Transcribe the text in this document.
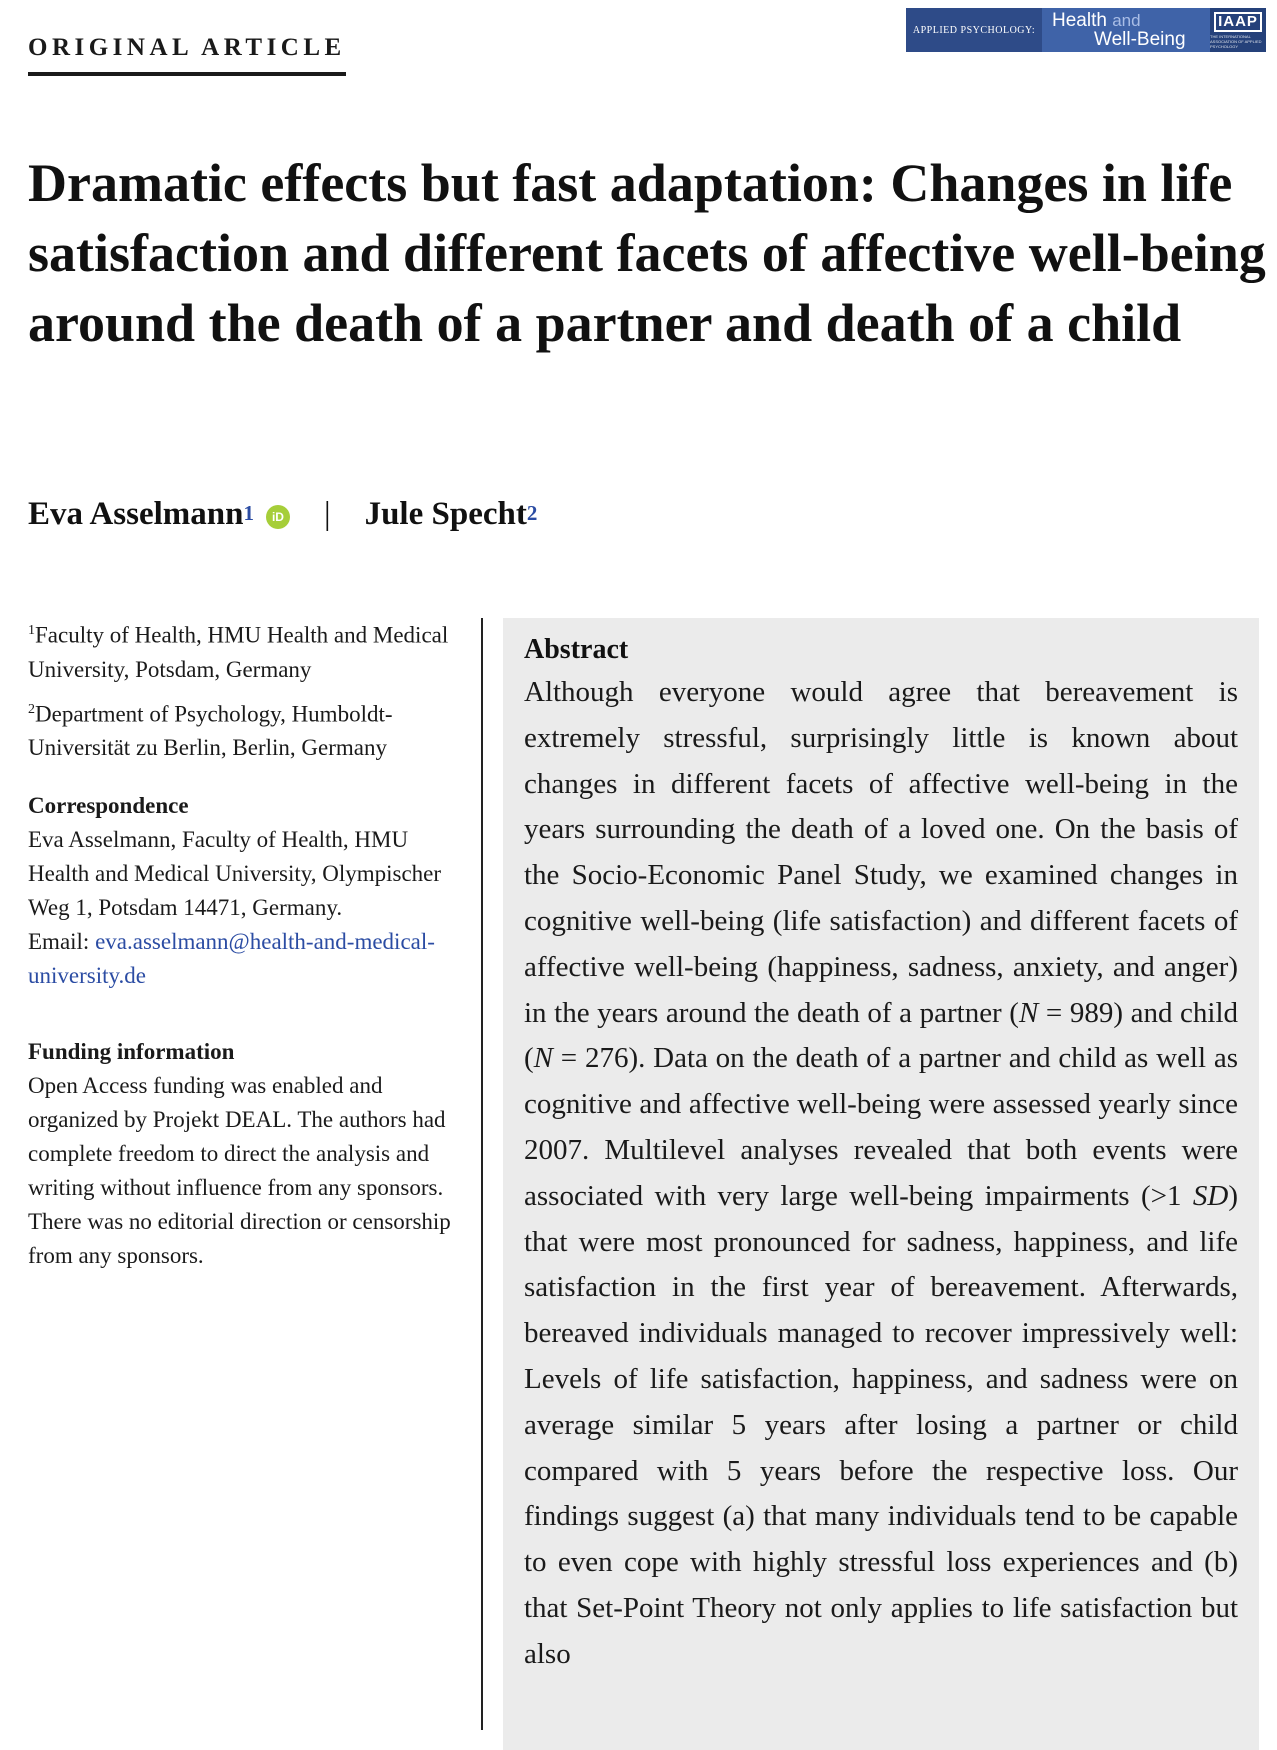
ORIGINAL ARTICLE
APPLIED PSYCHOLOGY: Health and
Well-Being
IAAP
THE INTERNATIONAL ASSOCIATION OF APPLIED PSYCHOLOGY
Dramatic effects but fast adaptation: Changes in life satisfaction and different facets of affective well-being around the death of a partner and death of a child
Eva Asselmann$^1$	iD | Jule Specht$^2$

$^1$Faculty of Health, HMU Health and Medical University, Potsdam, Germany

$^2$Department of Psychology, Humboldt-Universität zu Berlin, Berlin, Germany

Correspondence

Eva Asselmann, Faculty of Health, HMU Health and Medical University, Olympischer Weg 1, Potsdam 14471, Germany.

Email: eva.asselmann@health-and-medical-university.de

Funding information

Open Access funding was enabled and organized by Projekt DEAL. The authors had complete freedom to direct the analysis and writing without influence from any sponsors. There was no editorial direction or censorship from any sponsors.

Abstract

Although everyone would agree that bereavement is extremely stressful, surprisingly little is known about changes in different facets of affective well-being in the years surrounding the death of a loved one. On the basis of the Socio-Economic Panel Study, we examined changes in cognitive well-being (life satisfaction) and different facets of affective well-being (happiness, sadness, anxiety, and anger) in the years around the death of a partner (N = 989) and child (N = 276). Data on the death of a partner and child as well as cognitive and affective well-being were assessed yearly since 2007. Multilevel analyses revealed that both events were associated with very large well-being impairments (>1 SD) that were most pronounced for sadness, happiness, and life satisfaction in the first year of bereavement. Afterwards, bereaved individuals managed to recover impressively well: Levels of life satisfaction, happiness, and sadness were on average similar 5 years after losing a partner or child compared with 5 years before the respective loss. Our findings suggest (a) that many individuals tend to be capable to even cope with highly stressful loss experiences and (b) that Set-Point Theory not only applies to life satisfaction but also
